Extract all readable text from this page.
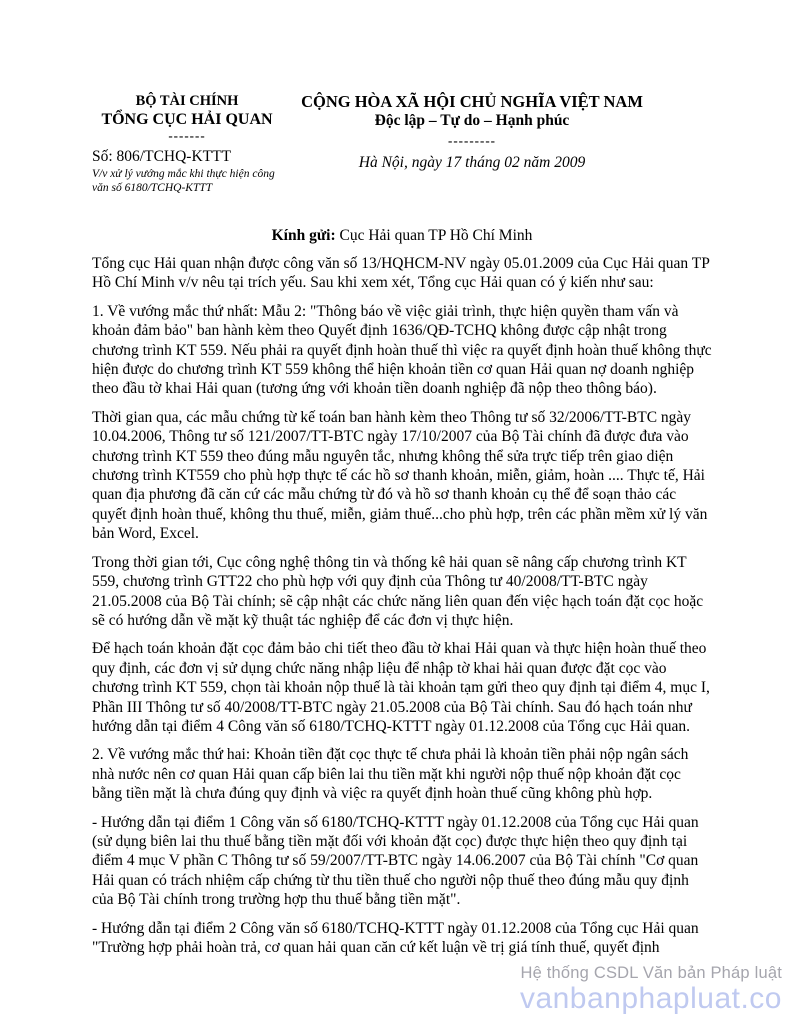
BỘ TÀI CHÍNH
TỔNG CỤC HẢI QUAN
-------
Số: 806/TCHQ-KTTT
V/v xử lý vướng mắc khi thực hiện công
văn số 6180/TCHQ-KTTT
CỘNG HÒA XÃ HỘI CHỦ NGHĨA VIỆT NAM
Độc lập – Tự do – Hạnh phúc
---------
Hà Nội, ngày 17 tháng 02 năm 2009
Kính gửi: Cục Hải quan TP Hồ Chí Minh

Tổng cục Hải quan nhận được công văn số 13/HQHCM-NV ngày 05.01.2009 của Cục Hải quan TP Hồ Chí Minh v/v nêu tại trích yếu. Sau khi xem xét, Tổng cục Hải quan có ý kiến như sau:

1. Về vướng mắc thứ nhất: Mẫu 2: "Thông báo về việc giải trình, thực hiện quyền tham vấn và khoản đảm bảo" ban hành kèm theo Quyết định 1636/QĐ-TCHQ không được cập nhật trong chương trình KT 559. Nếu phải ra quyết định hoàn thuế thì việc ra quyết định hoàn thuế không thực hiện được do chương trình KT 559 không thể hiện khoản tiền cơ quan Hải quan nợ doanh nghiệp theo đầu tờ khai Hải quan (tương ứng với khoản tiền doanh nghiệp đã nộp theo thông báo).

Thời gian qua, các mẫu chứng từ kế toán ban hành kèm theo Thông tư số 32/2006/TT-BTC ngày 10.04.2006, Thông tư số 121/2007/TT-BTC ngày 17/10/2007 của Bộ Tài chính đã được đưa vào chương trình KT 559 theo đúng mẫu nguyên tắc, nhưng không thể sửa trực tiếp trên giao diện chương trình KT559 cho phù hợp thực tế các hồ sơ thanh khoản, miễn, giảm, hoàn .... Thực tế, Hải quan địa phương đã căn cứ các mẫu chứng từ đó và hồ sơ thanh khoản cụ thể để soạn thảo các quyết định hoàn thuế, không thu thuế, miễn, giảm thuế...cho phù hợp, trên các phần mềm xử lý văn bản Word, Excel.

Trong thời gian tới, Cục công nghệ thông tin và thống kê hải quan sẽ nâng cấp chương trình KT 559, chương trình GTT22 cho phù hợp với quy định của Thông tư 40/2008/TT-BTC ngày 21.05.2008 của Bộ Tài chính; sẽ cập nhật các chức năng liên quan đến việc hạch toán đặt cọc hoặc sẽ có hướng dẫn về mặt kỹ thuật tác nghiệp để các đơn vị thực hiện.

Để hạch toán khoản đặt cọc đảm bảo chi tiết theo đầu tờ khai Hải quan và thực hiện hoàn thuế theo quy định, các đơn vị sử dụng chức năng nhập liệu để nhập tờ khai hải quan được đặt cọc vào chương trình KT 559, chọn tài khoản nộp thuế là tài khoản tạm gửi theo quy định tại điểm 4, mục I, Phần III Thông tư số 40/2008/TT-BTC ngày 21.05.2008 của Bộ Tài chính. Sau đó hạch toán như hướng dẫn tại điểm 4 Công văn số 6180/TCHQ-KTTT ngày 01.12.2008 của Tổng cục Hải quan.

2. Về vướng mắc thứ hai: Khoản tiền đặt cọc thực tế chưa phải là khoản tiền phải nộp ngân sách nhà nước nên cơ quan Hải quan cấp biên lai thu tiền mặt khi người nộp thuế nộp khoản đặt cọc bằng tiền mặt là chưa đúng quy định và việc ra quyết định hoàn thuế cũng không phù hợp.

- Hướng dẫn tại điểm 1 Công văn số 6180/TCHQ-KTTT ngày 01.12.2008 của Tổng cục Hải quan (sử dụng biên lai thu thuế bằng tiền mặt đối với khoản đặt cọc) được thực hiện theo quy định tại điểm 4 mục V phần C Thông tư số 59/2007/TT-BTC ngày 14.06.2007 của Bộ Tài chính "Cơ quan Hải quan có trách nhiệm cấp chứng từ thu tiền thuế cho người nộp thuế theo đúng mẫu quy định của Bộ Tài chính trong trường hợp thu thuế bằng tiền mặt".

- Hướng dẫn tại điểm 2 Công văn số 6180/TCHQ-KTTT ngày 01.12.2008 của Tổng cục Hải quan "Trường hợp phải hoàn trả, cơ quan hải quan căn cứ kết luận về trị giá tính thuế, quyết định

Hệ thống CSDL Văn bản Pháp luật
vanbanphapluat.co
